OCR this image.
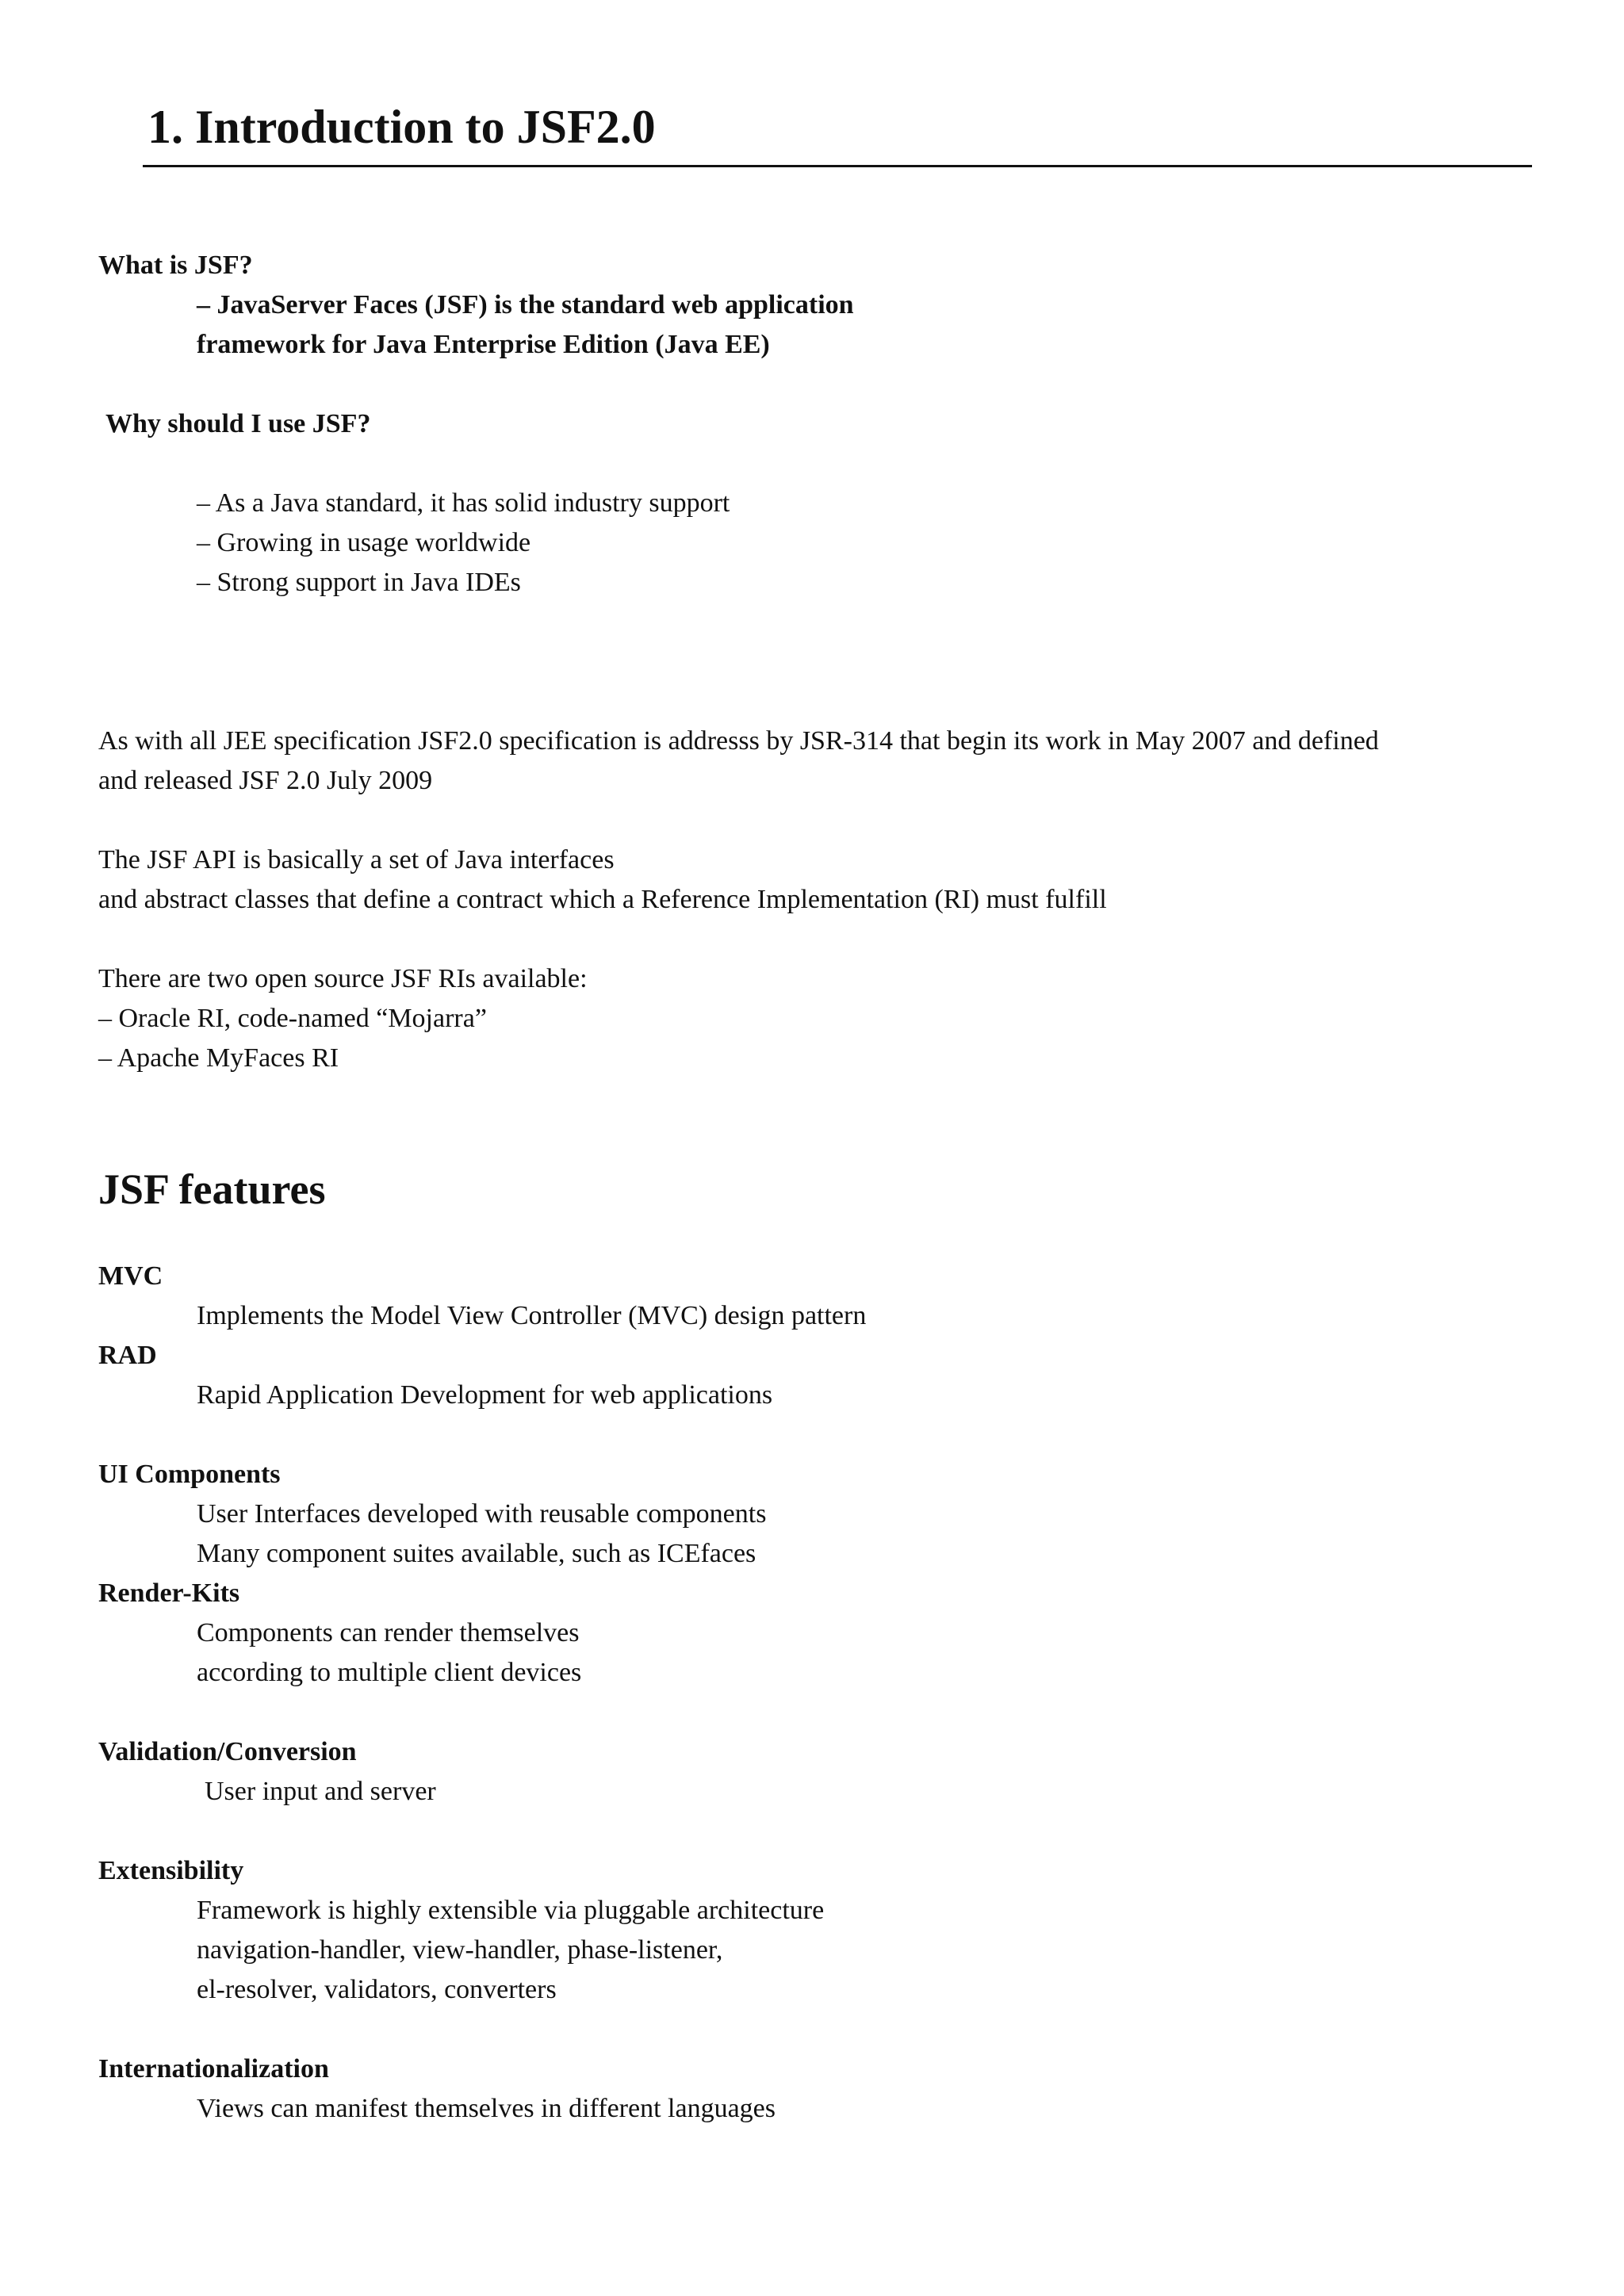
1. Introduction to JSF2.0
What is JSF?
– JavaServer Faces (JSF) is the standard web application
framework for Java Enterprise Edition (Java EE)
Why should I use JSF?
– As a Java standard, it has solid industry support
– Growing in usage worldwide
– Strong support in Java IDEs
As with all JEE specification JSF2.0 specification is addresss by JSR-314 that begin its work in May 2007 and defined
and released JSF 2.0 July 2009
The JSF API is basically a set of Java interfaces
and abstract classes that define a contract which a Reference Implementation (RI) must fulfill
There are two open source JSF RIs available:
– Oracle RI, code-named “Mojarra”
– Apache MyFaces RI
JSF features
MVC
Implements the Model View Controller (MVC) design pattern
RAD
Rapid Application Development for web applications
UI Components
User Interfaces developed with reusable components
Many component suites available, such as ICEfaces
Render-Kits
Components can render themselves
according to multiple client devices
Validation/Conversion
User input and server
Extensibility
Framework is highly extensible via pluggable architecture
navigation-handler, view-handler, phase-listener,
el-resolver, validators, converters
Internationalization
Views can manifest themselves in different languages
